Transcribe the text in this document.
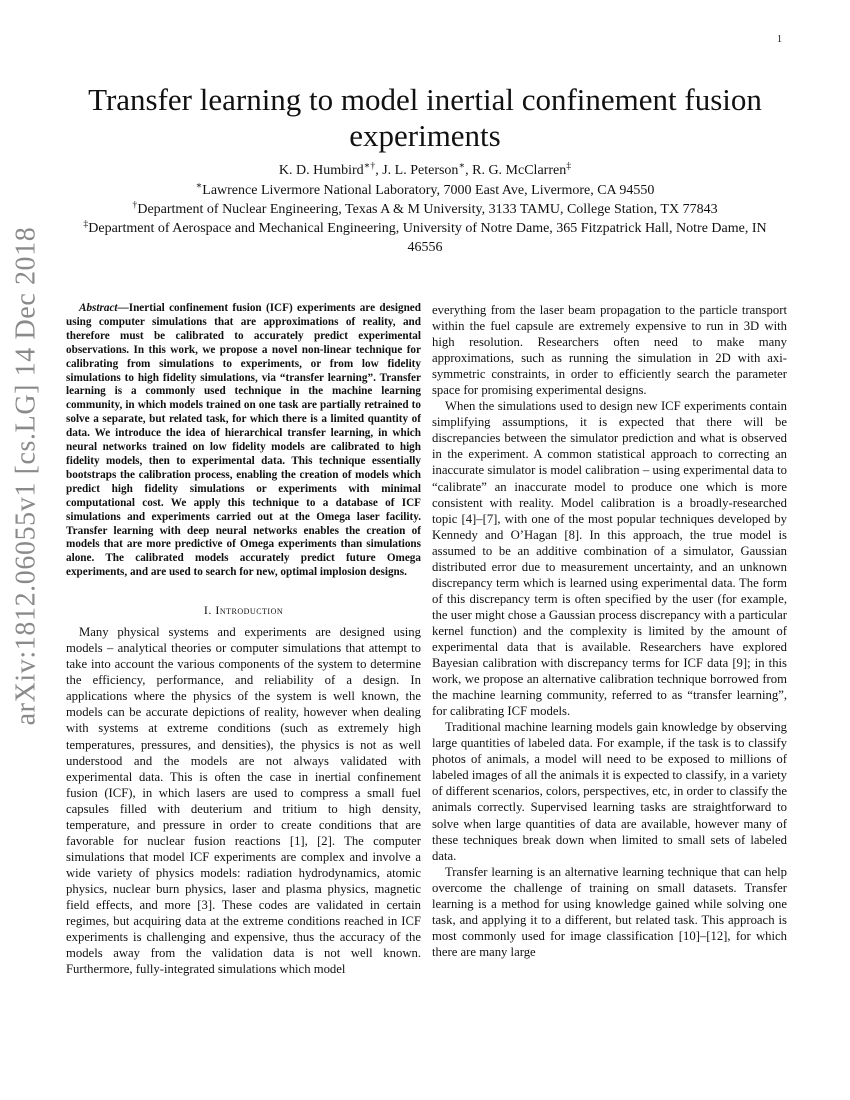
1
arXiv:1812.06055v1 [cs.LG] 14 Dec 2018
Transfer learning to model inertial confinement fusion experiments
K. D. Humbird∗†, J. L. Peterson∗, R. G. McClarren‡
∗Lawrence Livermore National Laboratory, 7000 East Ave, Livermore, CA 94550
†Department of Nuclear Engineering, Texas A & M University, 3133 TAMU, College Station, TX 77843
‡Department of Aerospace and Mechanical Engineering, University of Notre Dame, 365 Fitzpatrick Hall, Notre Dame, IN 46556

Abstract—Inertial confinement fusion (ICF) experiments are designed using computer simulations that are approximations of reality, and therefore must be calibrated to accurately predict experimental observations. In this work, we propose a novel non-linear technique for calibrating from simulations to experiments, or from low fidelity simulations to high fidelity simulations, via “transfer learning”. Transfer learning is a commonly used technique in the machine learning community, in which models trained on one task are partially retrained to solve a separate, but related task, for which there is a limited quantity of data. We introduce the idea of hierarchical transfer learning, in which neural networks trained on low fidelity models are calibrated to high fidelity models, then to experimental data. This technique essentially bootstraps the calibration process, enabling the creation of models which predict high fidelity simulations or experiments with minimal computational cost. We apply this technique to a database of ICF simulations and experiments carried out at the Omega laser facility. Transfer learning with deep neural networks enables the creation of models that are more predictive of Omega experiments than simulations alone. The calibrated models accurately predict future Omega experiments, and are used to search for new, optimal implosion designs.

I. Introduction

Many physical systems and experiments are designed using models – analytical theories or computer simulations that attempt to take into account the various components of the system to determine the efficiency, performance, and reliability of a design. In applications where the physics of the system is well known, the models can be accurate depictions of reality, however when dealing with systems at extreme conditions (such as extremely high temperatures, pressures, and densities), the physics is not as well understood and the models are not always validated with experimental data. This is often the case in inertial confinement fusion (ICF), in which lasers are used to compress a small fuel capsules filled with deuterium and tritium to high density, temperature, and pressure in order to create conditions that are favorable for nuclear fusion reactions [1], [2]. The computer simulations that model ICF experiments are complex and involve a wide variety of physics models: radiation hydrodynamics, atomic physics, nuclear burn physics, laser and plasma physics, magnetic field effects, and more [3]. These codes are validated in certain regimes, but acquiring data at the extreme conditions reached in ICF experiments is challenging and expensive, thus the accuracy of the models away from the validation data is not well known. Furthermore, fully-integrated simulations which model

everything from the laser beam propagation to the particle transport within the fuel capsule are extremely expensive to run in 3D with high resolution. Researchers often need to make many approximations, such as running the simulation in 2D with axi-symmetric constraints, in order to efficiently search the parameter space for promising experimental designs.

When the simulations used to design new ICF experiments contain simplifying assumptions, it is expected that there will be discrepancies between the simulator prediction and what is observed in the experiment. A common statistical approach to correcting an inaccurate simulator is model calibration – using experimental data to “calibrate” an inaccurate model to produce one which is more consistent with reality. Model calibration is a broadly-researched topic [4]–[7], with one of the most popular techniques developed by Kennedy and O’Hagan [8]. In this approach, the true model is assumed to be an additive combination of a simulator, Gaussian distributed error due to measurement uncertainty, and an unknown discrepancy term which is learned using experimental data. The form of this discrepancy term is often specified by the user (for example, the user might chose a Gaussian process discrepancy with a particular kernel function) and the complexity is limited by the amount of experimental data that is available. Researchers have explored Bayesian calibration with discrepancy terms for ICF data [9]; in this work, we propose an alternative calibration technique borrowed from the machine learning community, referred to as “transfer learning”, for calibrating ICF models.

Traditional machine learning models gain knowledge by observing large quantities of labeled data. For example, if the task is to classify photos of animals, a model will need to be exposed to millions of labeled images of all the animals it is expected to classify, in a variety of different scenarios, colors, perspectives, etc, in order to classify the animals correctly. Supervised learning tasks are straightforward to solve when large quantities of data are available, however many of these techniques break down when limited to small sets of labeled data.

Transfer learning is an alternative learning technique that can help overcome the challenge of training on small datasets. Transfer learning is a method for using knowledge gained while solving one task, and applying it to a different, but related task. This approach is most commonly used for image classification [10]–[12], for which there are many large
